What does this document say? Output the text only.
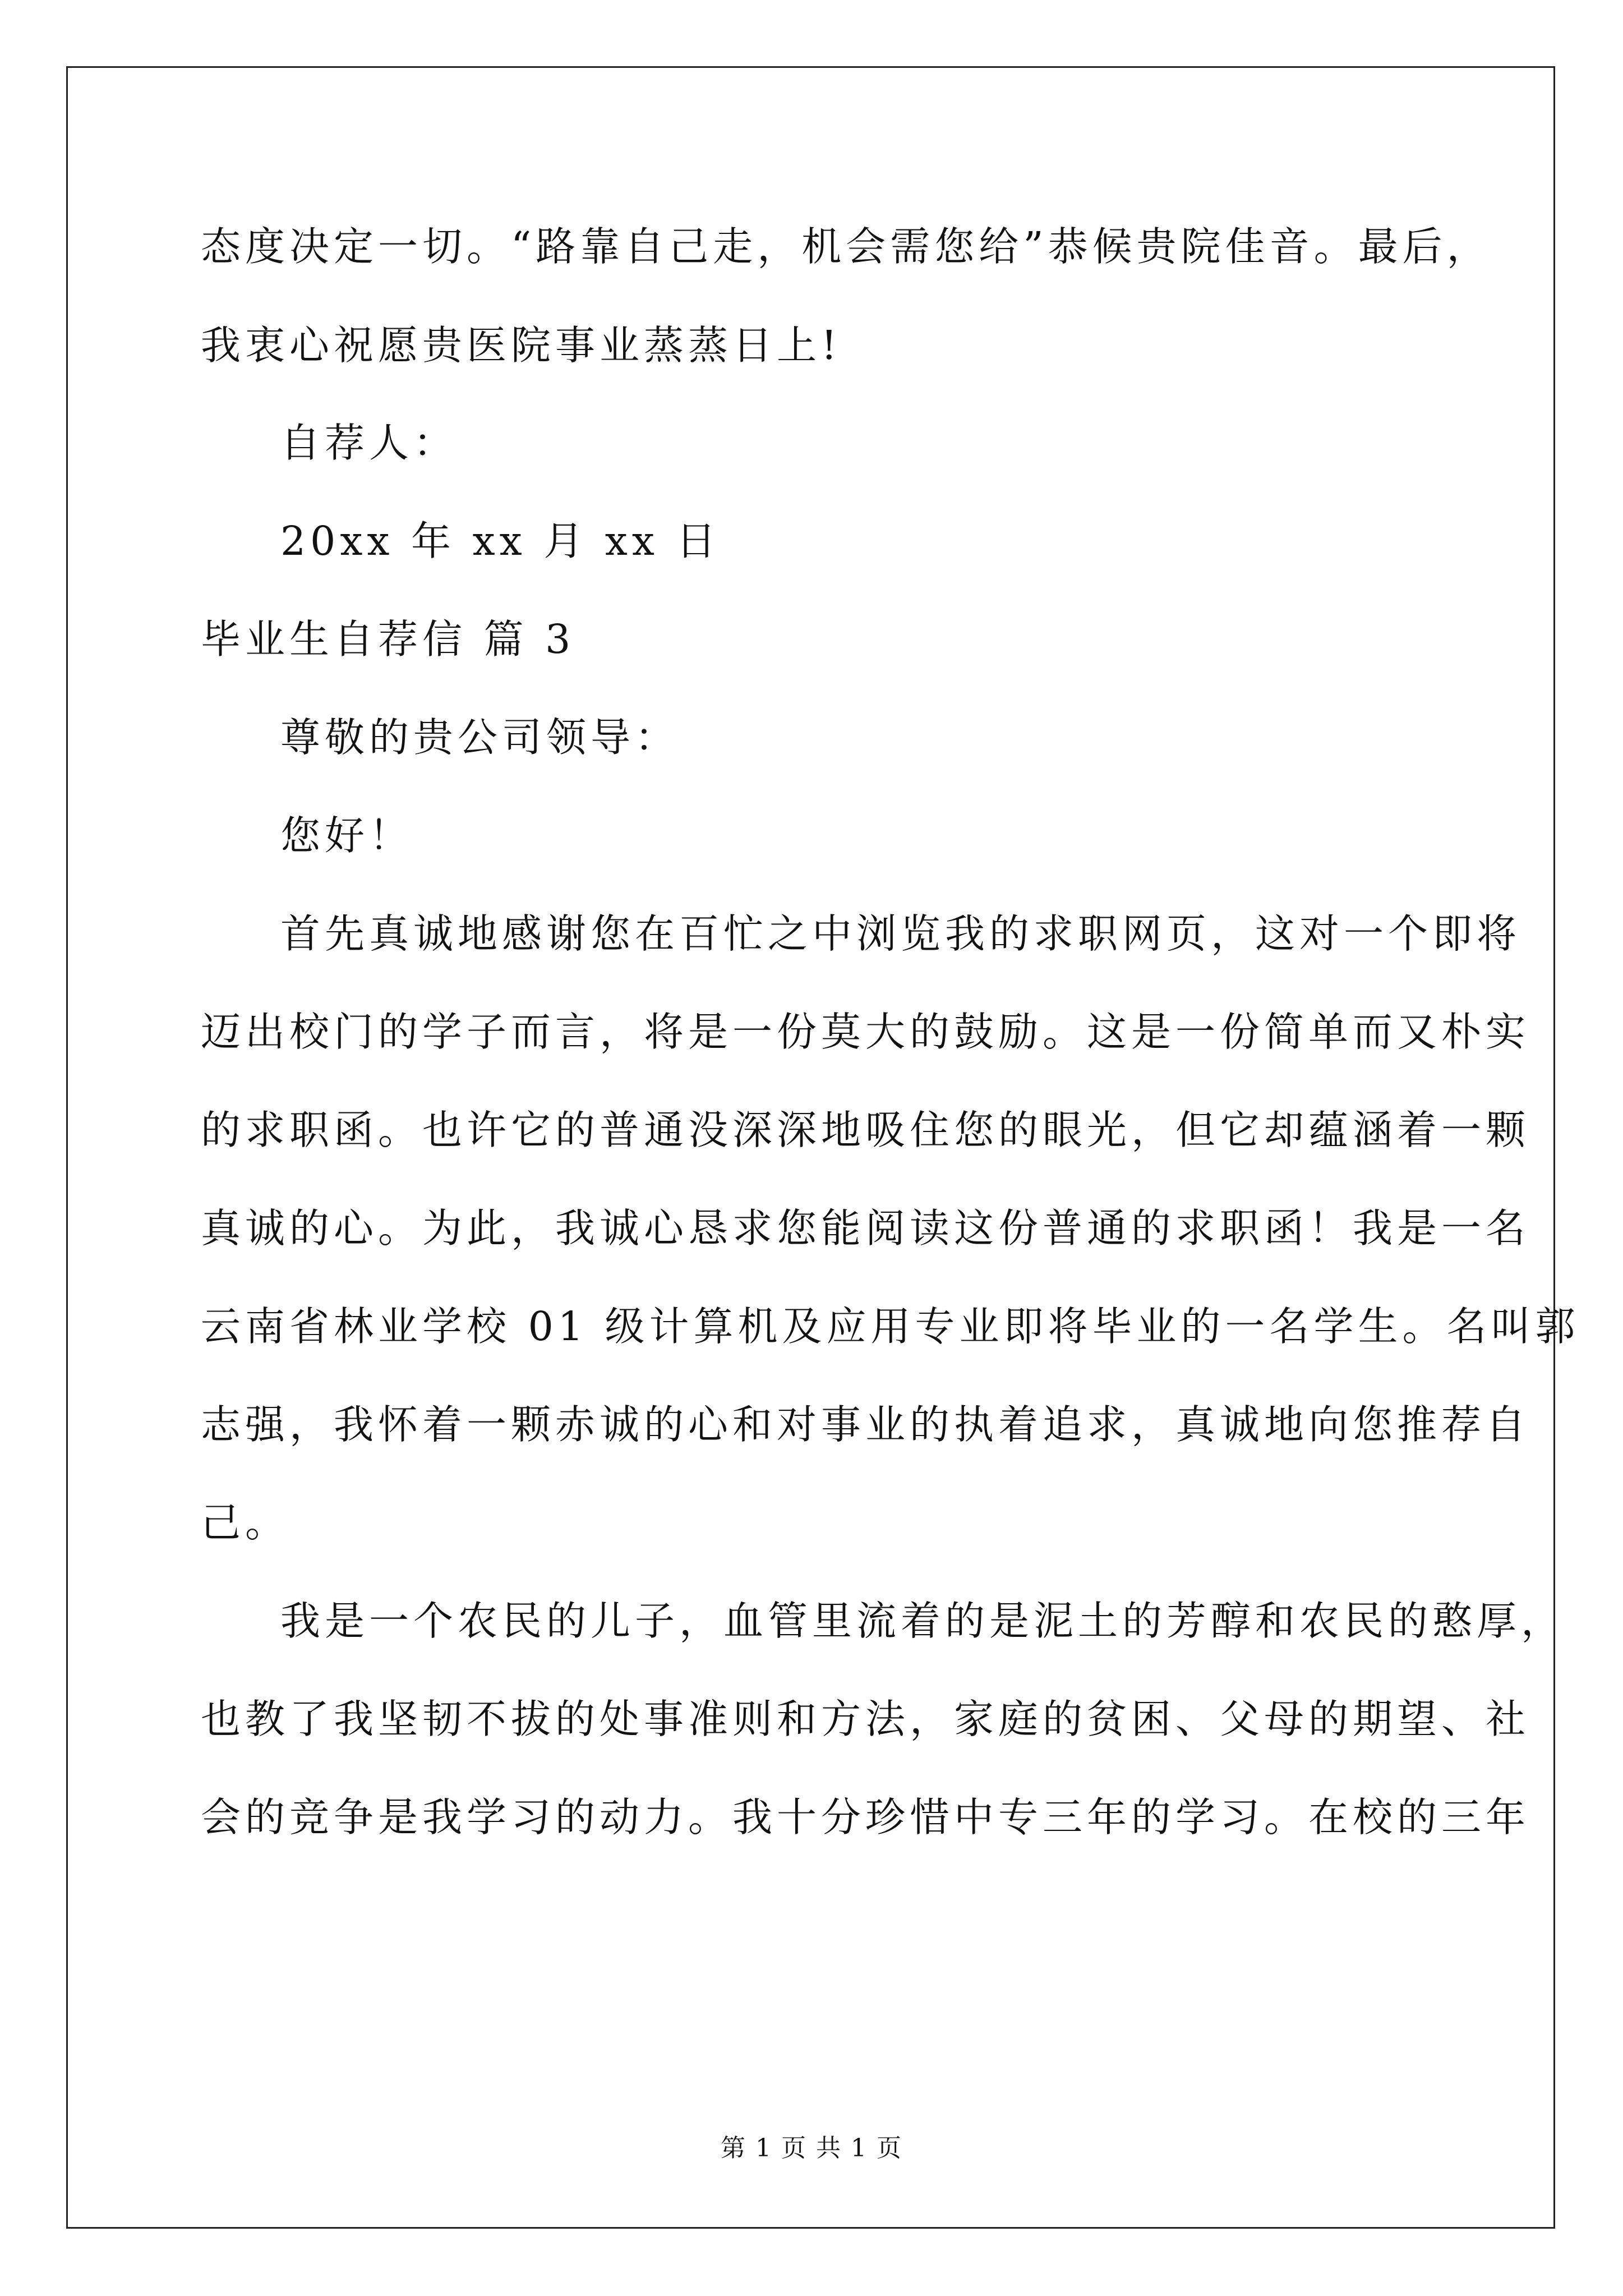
态度决定一切。“路靠自己走，机会需您给”恭候贵院佳音。最后，
我衷心祝愿贵医院事业蒸蒸日上!
自荐人：
20xx 年 xx 月 xx 日
毕业生自荐信 篇 3
尊敬的贵公司领导：
您好！
首先真诚地感谢您在百忙之中浏览我的求职网页，这对一个即将
迈出校门的学子而言，将是一份莫大的鼓励。这是一份简单而又朴实
的求职函。也许它的普通没深深地吸住您的眼光，但它却蕴涵着一颗
真诚的心。为此，我诚心恳求您能阅读这份普通的求职函！我是一名
云南省林业学校 01 级计算机及应用专业即将毕业的一名学生。名叫郭
志强，我怀着一颗赤诚的心和对事业的执着追求，真诚地向您推荐自
己。
我是一个农民的儿子，血管里流着的是泥土的芳醇和农民的憨厚，
也教了我坚韧不拔的处事准则和方法，家庭的贫困、父母的期望、社
会的竞争是我学习的动力。我十分珍惜中专三年的学习。在校的三年
第 1 页 共 1 页
